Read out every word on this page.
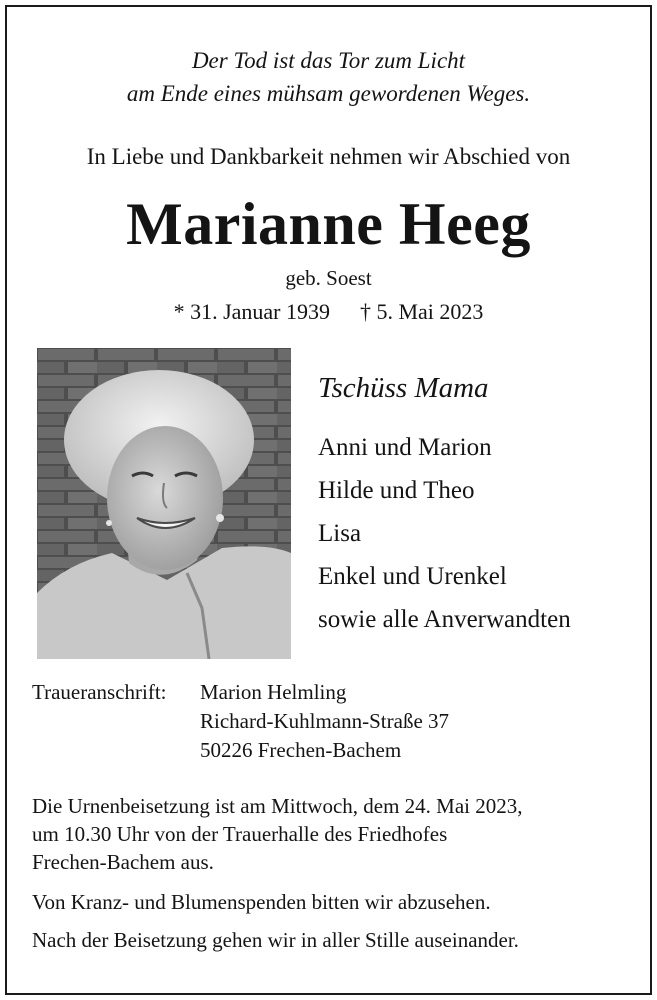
Der Tod ist das Tor zum Licht
am Ende eines mühsam gewordenen Weges.
In Liebe und Dankbarkeit nehmen wir Abschied von
Marianne Heeg
geb. Soest
* 31. Januar 1939 † 5. Mai 2023
Tschüss Mama
Anni und Marion
Hilde und Theo
Lisa
Enkel und Urenkel
sowie alle Anverwandten
Traueranschrift: Marion Helmling
Richard-Kuhlmann-Straße 37
50226 Frechen-Bachem
Die Urnenbeisetzung ist am Mittwoch, dem 24. Mai 2023,
um 10.30 Uhr von der Trauerhalle des Friedhofes
Frechen-Bachem aus.
Von Kranz- und Blumenspenden bitten wir abzusehen.
Nach der Beisetzung gehen wir in aller Stille auseinander.
